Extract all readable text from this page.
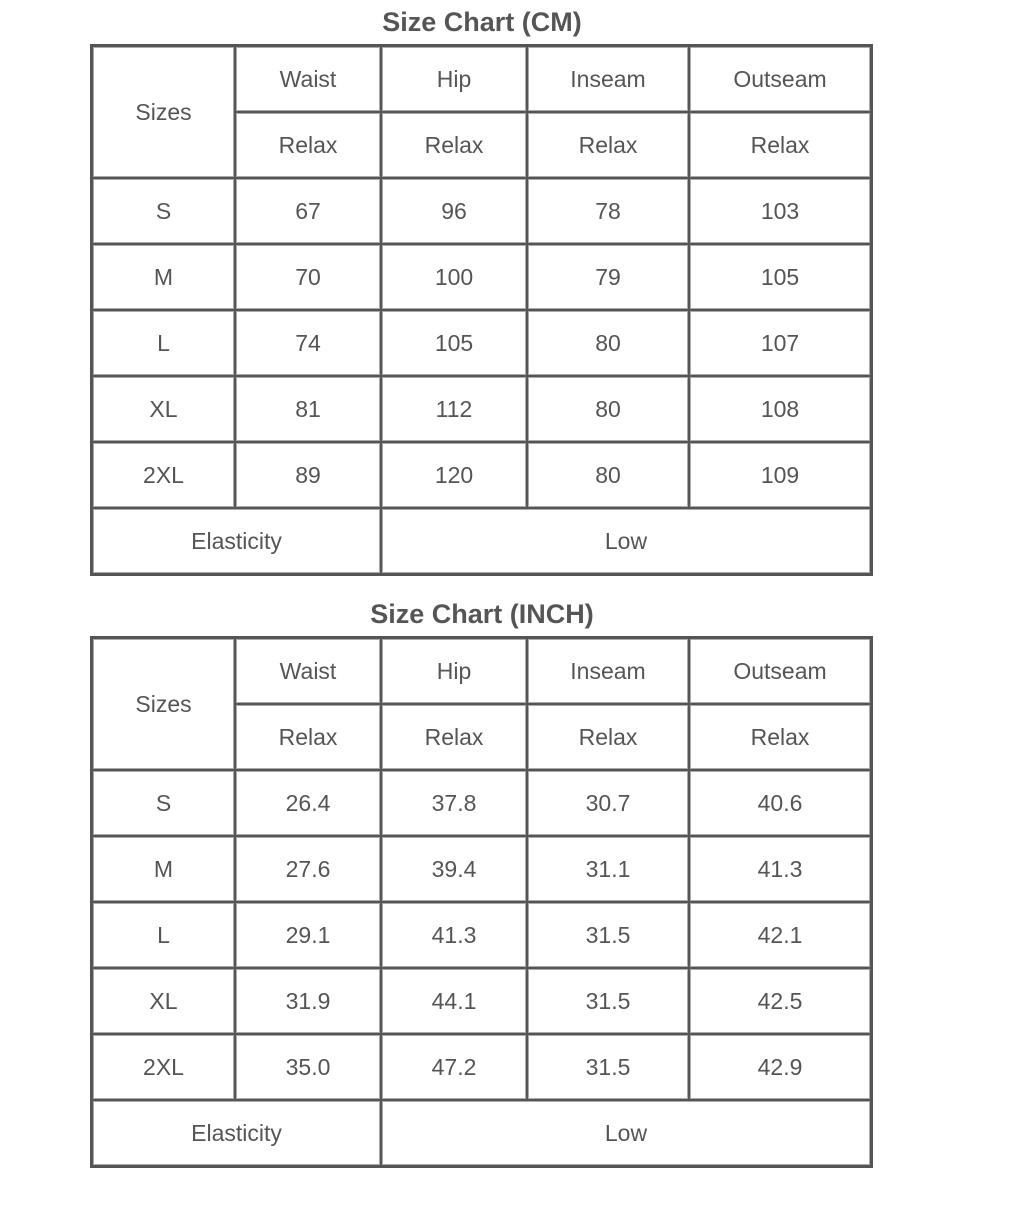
Size Chart (CM)
Sizes	Waist	Hip	Inseam	Outseam
	Relax	Relax	Relax	Relax
S	67	96	78	103
M	70	100	79	105
L	74	105	80	107
XL	81	112	80	108
2XL	89	120	80	109
Elasticity		Low		
Size Chart (INCH)
Sizes	Waist	Hip	Inseam	Outseam
	Relax	Relax	Relax	Relax
S	26.4	37.8	30.7	40.6
M	27.6	39.4	31.1	41.3
L	29.1	41.3	31.5	42.1
XL	31.9	44.1	31.5	42.5
2XL	35.0	47.2	31.5	42.9
Elasticity		Low		
